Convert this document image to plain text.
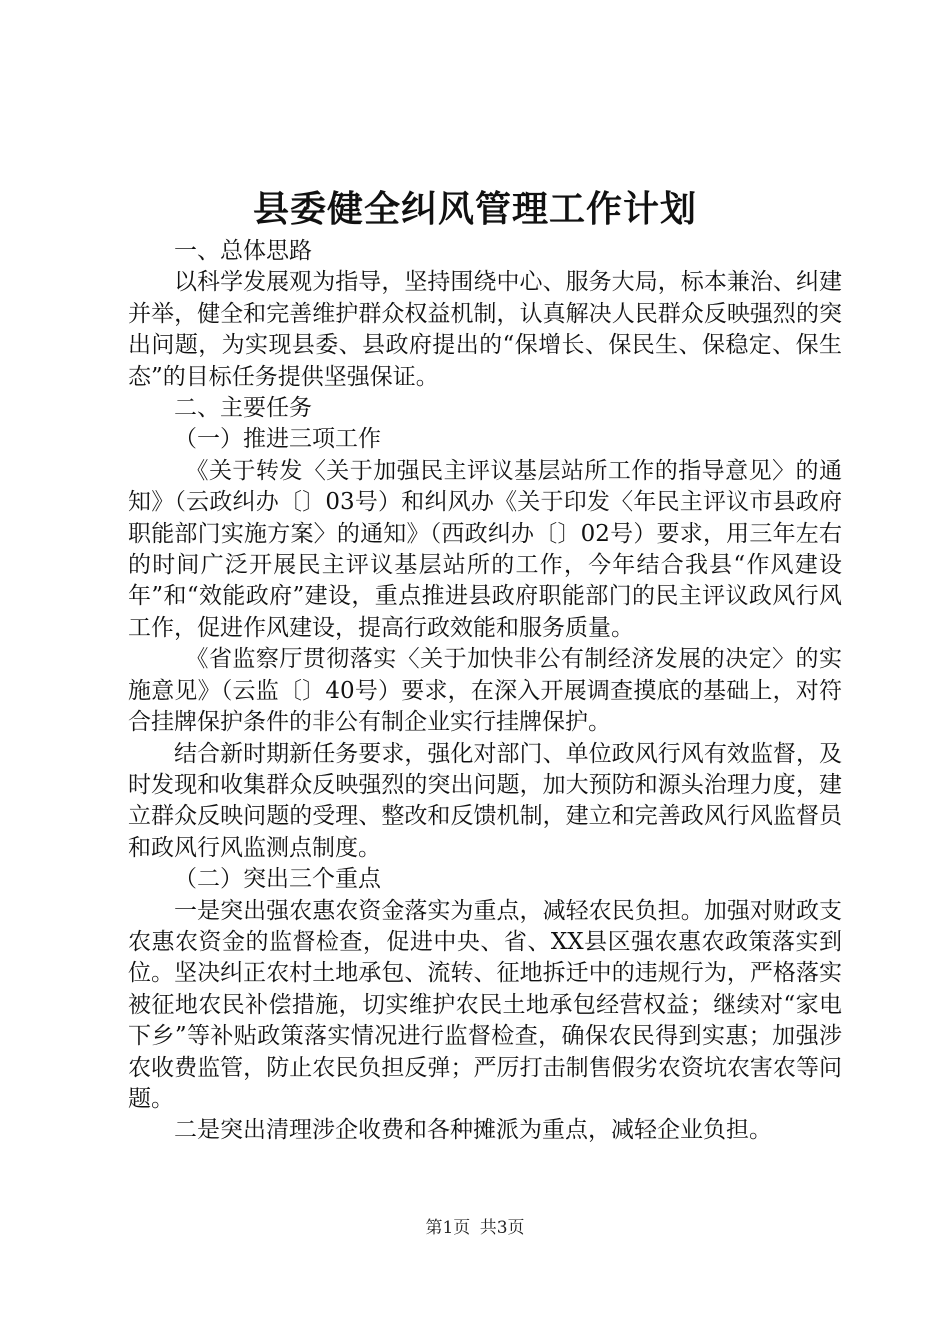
县委健全纠风管理工作计划

一、总体思路

以科学发展观为指导，坚持围绕中心、服务大局，标本兼治、纠建并举，健全和完善维护群众权益机制，认真解决人民群众反映强烈的突出问题，为实现县委、县政府提出的“保增长、保民生、保稳定、保生态”的目标任务提供坚强保证。

二、主要任务

（一）推进三项工作

《关于转发〈关于加强民主评议基层站所工作的指导意见〉的通知》（云政纠办〔〕03号）和纠风办《关于印发〈年民主评议市县政府职能部门实施方案〉的通知》（西政纠办〔〕02号）要求，用三年左右的时间广泛开展民主评议基层站所的工作，今年结合我县“作风建设年”和“效能政府”建设，重点推进县政府职能部门的民主评议政风行风工作，促进作风建设，提高行政效能和服务质量。

《省监察厅贯彻落实〈关于加快非公有制经济发展的决定〉的实施意见》（云监〔〕40号）要求，在深入开展调查摸底的基础上，对符合挂牌保护条件的非公有制企业实行挂牌保护。

结合新时期新任务要求，强化对部门、单位政风行风有效监督，及时发现和收集群众反映强烈的突出问题，加大预防和源头治理力度，建立群众反映问题的受理、整改和反馈机制，建立和完善政风行风监督员和政风行风监测点制度。

（二）突出三个重点

一是突出强农惠农资金落实为重点，减轻农民负担。加强对财政支农惠农资金的监督检查，促进中央、省、XX县区强农惠农政策落实到位。坚决纠正农村土地承包、流转、征地拆迁中的违规行为，严格落实被征地农民补偿措施，切实维护农民土地承包经营权益；继续对“家电下乡”等补贴政策落实情况进行监督检查，确保农民得到实惠；加强涉农收费监管，防止农民负担反弹；严厉打击制售假劣农资坑农害农等问题。

二是突出清理涉企收费和各种摊派为重点，减轻企业负担。

第1页 共3页
